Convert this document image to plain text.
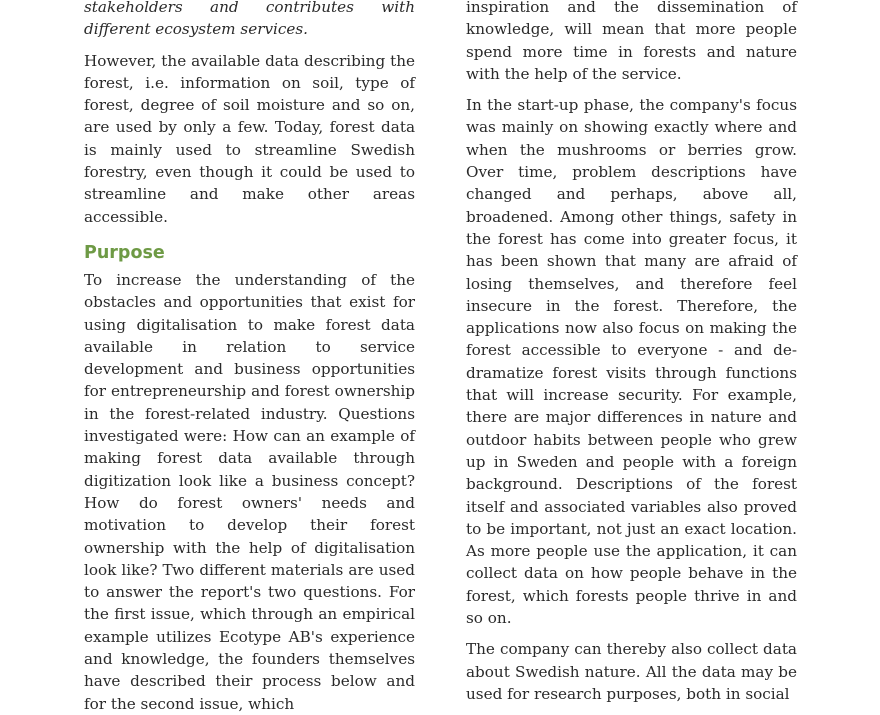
stakeholders and contributes with different ecosystem services.

However, the available data describing the forest, i.e. information on soil, type of forest, degree of soil moisture and so on, are used by only a few. Today, forest data is mainly used to streamline Swedish forestry, even though it could be used to streamline and make other areas accessible.

Purpose

To increase the understanding of the obstacles and opportunities that exist for using digitalisation to make forest data available in relation to service development and business opportunities for entrepreneurship and forest ownership in the forest-related industry. Questions investigated were: How can an example of making forest data available through digitization look like a business concept? How do forest owners' needs and motivation to develop their forest ownership with the help of digitalisation look like? Two different materials are used to answer the report's two questions. For the first issue, which through an empirical example utilizes Ecotype AB's experience and knowledge, the founders themselves have described their process below and for the second issue, which

inspiration and the dissemination of knowledge, will mean that more people spend more time in forests and nature with the help of the service.

In the start-up phase, the company's focus was mainly on showing exactly where and when the mushrooms or berries grow. Over time, problem descriptions have changed and perhaps, above all, broadened. Among other things, safety in the forest has come into greater focus, it has been shown that many are afraid of losing themselves, and therefore feel insecure in the forest. Therefore, the applications now also focus on making the forest accessible to everyone - and de-dramatize forest visits through functions that will increase security. For example, there are major differences in nature and outdoor habits between people who grew up in Sweden and people with a foreign background. Descriptions of the forest itself and associated variables also proved to be important, not just an exact location. As more people use the application, it can collect data on how people behave in the forest, which forests people thrive in and so on.

The company can thereby also collect data about Swedish nature. All the data may be used for research purposes, both in social
